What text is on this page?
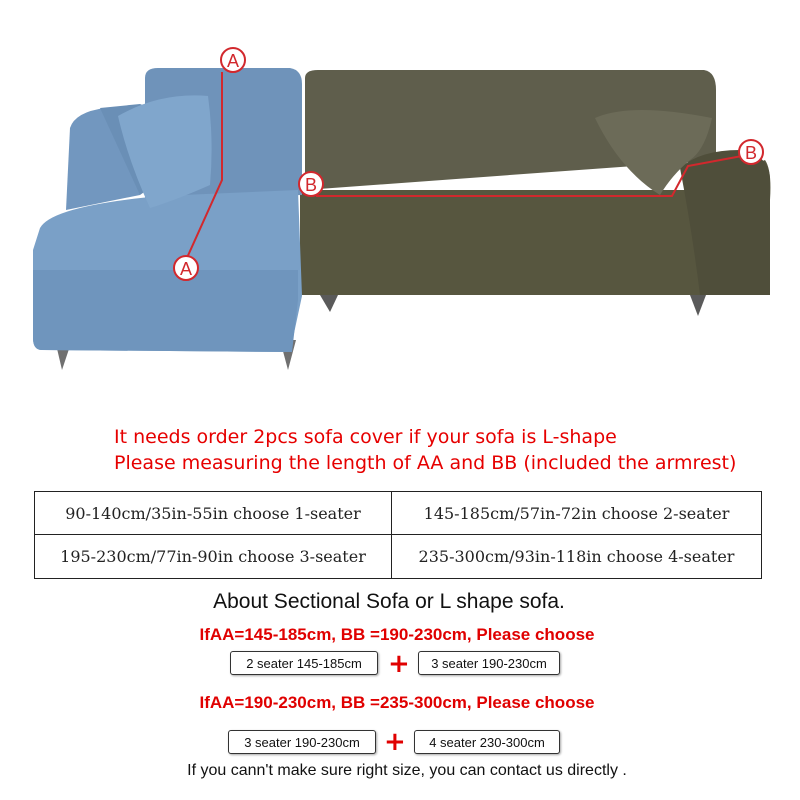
A
A
B
B
It needs order 2pcs sofa cover if your sofa is L-shape
Please measuring the length of AA and BB (included the armrest)
90-140cm/35in-55in choose 1-seater	145-185cm/57in-72in choose 2-seater
195-230cm/77in-90in choose 3-seater	235-300cm/93in-118in choose 4-seater
About Sectional Sofa or L shape sofa.
IfAA=145-185cm, BB =190-230cm, Please choose
2 seater 145-185cm	+	3 seater 190-230cm
IfAA=190-230cm, BB =235-300cm, Please choose
3 seater 190-230cm +	4 seater 230-300cm
If you cann't make sure right size, you can contact us directly .
